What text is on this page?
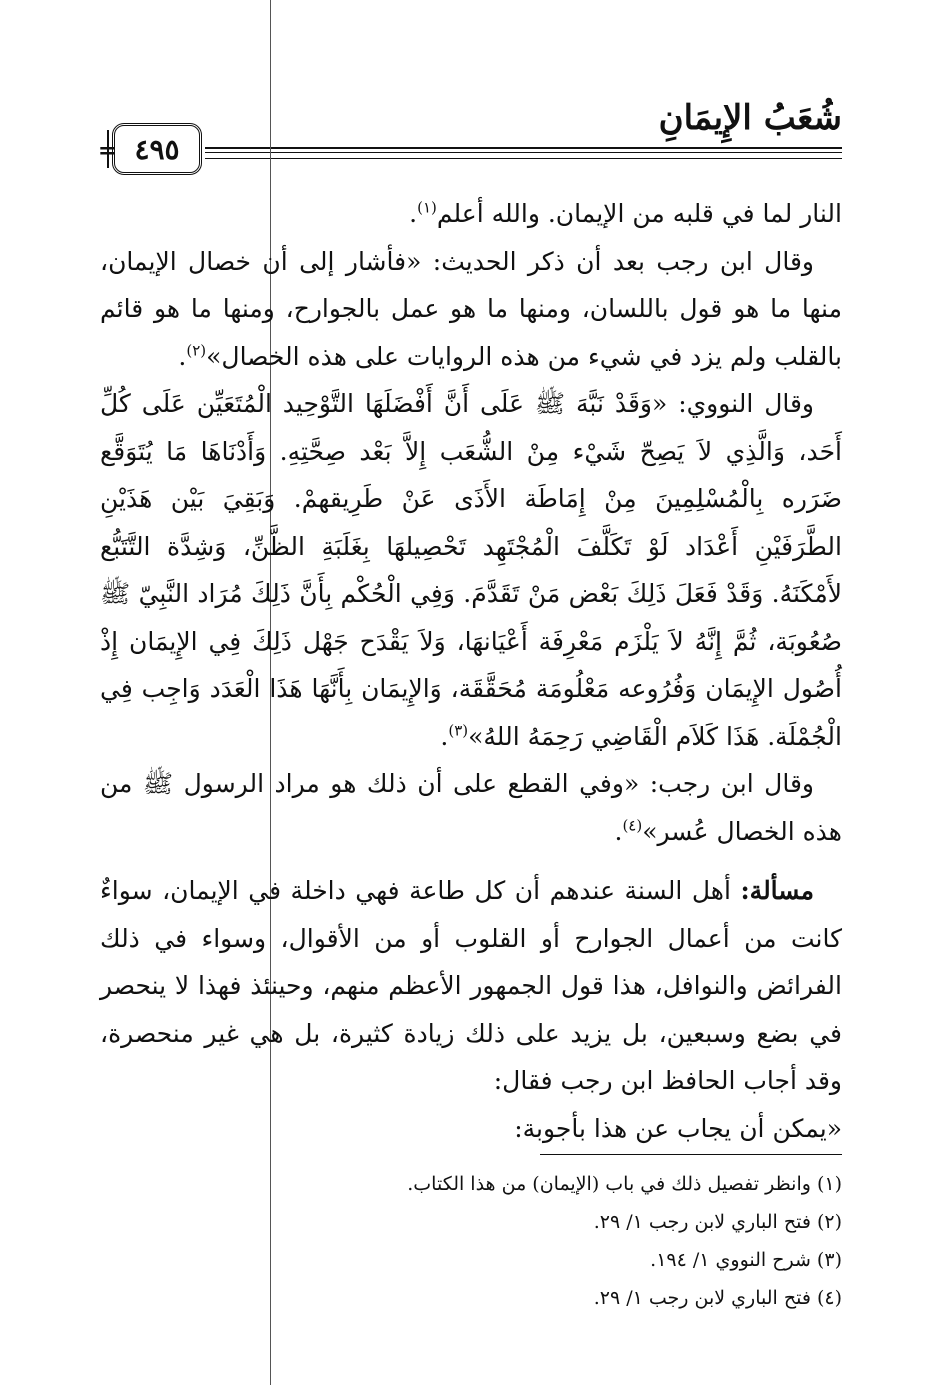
شُعَبُ الإِيمَانِ
٤٩٥
=

النار لما في قلبه من الإيمان. والله أعلم$^{(١)}$.

وقال ابن رجب بعد أن ذكر الحديث: «فأشار إلى أن خصال الإيمان، منها ما هو قول باللسان، ومنها ما هو عمل بالجوارح، ومنها ما هو قائم بالقلب ولم يزد في شيء من هذه الروايات على هذه الخصال»$^{(٢)}$.

وقال النووي: «وَقَدْ نَبَّهَ ﷺ عَلَى أَنَّ أَفْضَلَهَا التَّوْحِيد الْمُتَعَيِّن عَلَى كُلِّ أَحَد، وَالَّذِي لاَ يَصِحّ شَيْء مِنْ الشُّعَب إِلاَّ بَعْد صِحَّتِهِ. وَأَدْنَاهَا مَا يُتَوَقَّع ضَرَره بِالْمُسْلِمِينَ مِنْ إِمَاطَة الأَذَى عَنْ طَرِيقهمْ. وَبَقِيَ بَيْن هَذَيْنِ الطَّرَفَيْنِ أَعْدَاد لَوْ تَكَلَّفَ الْمُجْتَهِد تَحْصِيلهَا بِغَلَبَةِ الظَّنِّ، وَشِدَّة التَّتَبُّع لأَمْكَنَهُ. وَقَدْ فَعَلَ ذَلِكَ بَعْض مَنْ تَقَدَّمَ. وَفِي الْحُكْم بِأَنَّ ذَلِكَ مُرَاد النَّبِيّ ﷺ صُعُوبَة، ثُمَّ إِنَّهُ لاَ يَلْزَم مَعْرِفَة أَعْيَانهَا، وَلاَ يَقْدَح جَهْل ذَلِكَ فِي الإِيمَان إِذْ أُصُول الإِيمَان وَفُرُوعه مَعْلُومَة مُحَقَّقَة، وَالإِيمَان بِأَنَّهَا هَذَا الْعَدَد وَاجِب فِي الْجُمْلَة. هَذَا كَلاَم الْقَاضِي رَحِمَهُ اللهُ»$^{(٣)}$.

وقال ابن رجب: «وفي القطع على أن ذلك هو مراد الرسول ﷺ من هذه الخصال عُسر»$^{(٤)}$.

مسألة: أهل السنة عندهم أن كل طاعة فهي داخلة في الإيمان، سواءٌ كانت من أعمال الجوارح أو القلوب أو من الأقوال، وسواء في ذلك الفرائض والنوافل، هذا قول الجمهور الأعظم منهم، وحينئذ فهذا لا ينحصر في بضع وسبعين، بل يزيد على ذلك زيادة كثيرة، بل هي غير منحصرة، وقد أجاب الحافظ ابن رجب فقال:

«يمكن أن يجاب عن هذا بأجوبة:

(١) وانظر تفصيل ذلك في باب (الإيمان) من هذا الكتاب.

(٢) فتح الباري لابن رجب ١/ ٢٩.

(٣) شرح النووي ١/ ١٩٤.

(٤) فتح الباري لابن رجب ١/ ٢٩.
